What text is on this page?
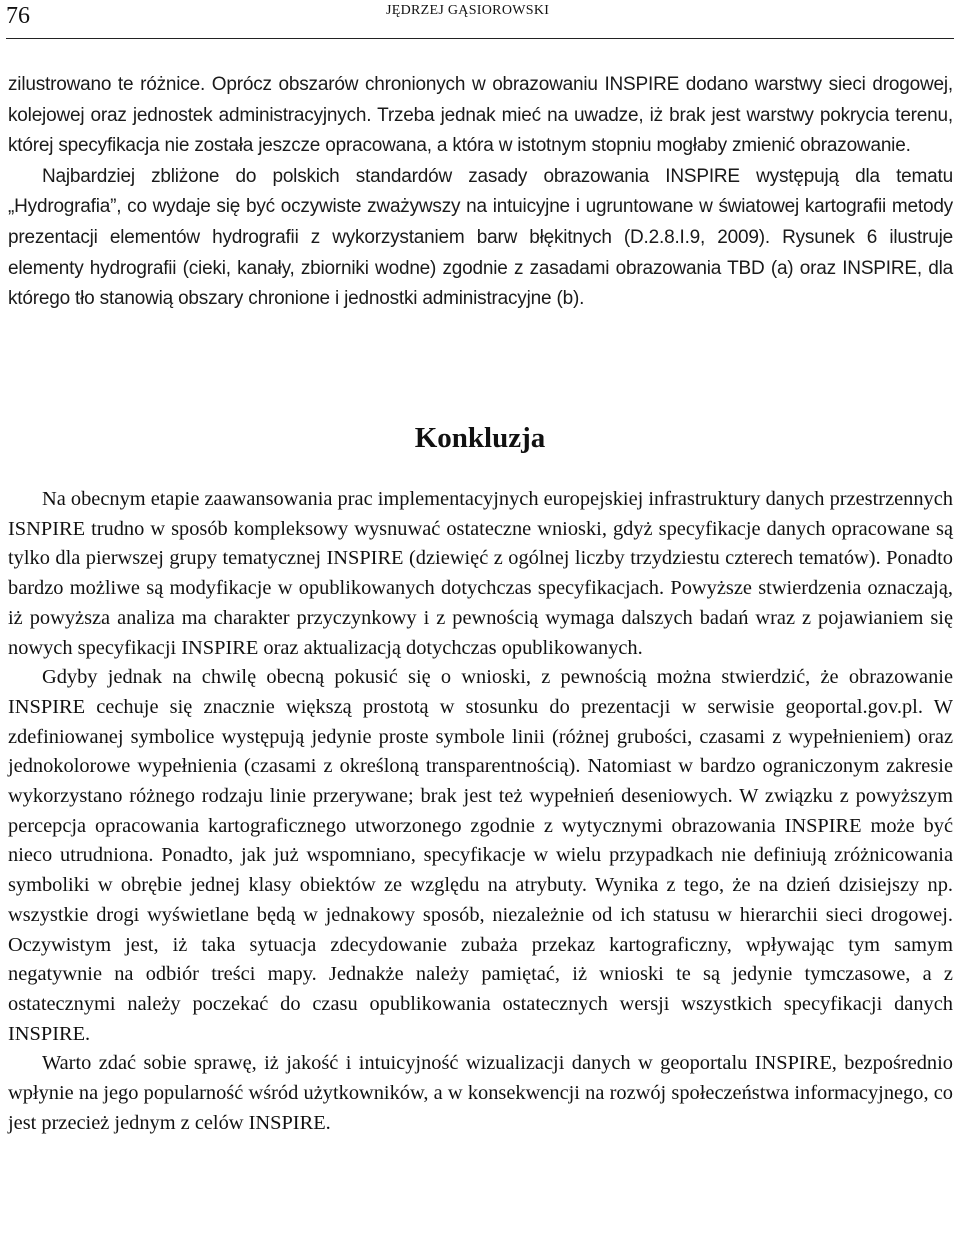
76	JĘDRZEJ GĄSIOROWSKI

zilustrowano te różnice. Oprócz obszarów chronionych w obrazowaniu INSPIRE dodano warstwy sieci drogowej, kolejowej oraz jednostek administracyjnych. Trzeba jednak mieć na uwadze, iż brak jest warstwy pokrycia terenu, której specyfikacja nie została jeszcze opracowana, a która w istotnym stopniu mogłaby zmienić obrazowanie.

Najbardziej zbliżone do polskich standardów zasady obrazowania INSPIRE występują dla tematu „Hydrografia”, co wydaje się być oczywiste zważywszy na intuicyjne i ugruntowane w światowej kartografii metody prezentacji elementów hydrografii z wykorzystaniem barw błękitnych (D.2.8.I.9, 2009). Rysunek 6 ilustruje elementy hydrografii (cieki, kanały, zbiorniki wodne) zgodnie z zasadami obrazowania TBD (a) oraz INSPIRE, dla którego tło stanowią obszary chronione i jednostki administracyjne (b).

Konkluzja

Na obecnym etapie zaawansowania prac implementacyjnych europejskiej infrastruktury danych przestrzennych ISNPIRE trudno w sposób kompleksowy wysnuwać ostateczne wnioski, gdyż specyfikacje danych opracowane są tylko dla pierwszej grupy tematycznej INSPIRE (dziewięć z ogólnej liczby trzydziestu czterech tematów). Ponadto bardzo możliwe są modyfikacje w opublikowanych dotychczas specyfikacjach. Powyższe stwierdzenia oznaczają, iż powyższa analiza ma charakter przyczynkowy i z pewnością wymaga dalszych badań wraz z pojawianiem się nowych specyfikacji INSPIRE oraz aktualizacją dotychczas opublikowanych.

Gdyby jednak na chwilę obecną pokusić się o wnioski, z pewnością można stwierdzić, że obrazowanie INSPIRE cechuje się znacznie większą prostotą w stosunku do prezentacji w serwisie geoportal.gov.pl. W zdefiniowanej symbolice występują jedynie proste symbole linii (różnej grubości, czasami z wypełnieniem) oraz jednokolorowe wypełnienia (czasami z określoną transparentnością). Natomiast w bardzo ograniczonym zakresie wykorzystano różnego rodzaju linie przerywane; brak jest też wypełnień deseniowych. W związku z powyższym percepcja opracowania kartograficznego utworzonego zgodnie z wytycznymi obrazowania INSPIRE może być nieco utrudniona. Ponadto, jak już wspomniano, specyfikacje w wielu przypadkach nie definiują zróżnicowania symboliki w obrębie jednej klasy obiektów ze względu na atrybuty. Wynika z tego, że na dzień dzisiejszy np. wszystkie drogi wyświetlane będą w jednakowy sposób, niezależnie od ich statusu w hierarchii sieci drogowej. Oczywistym jest, iż taka sytuacja zdecydowanie zubaża przekaz kartograficzny, wpływając tym samym negatywnie na odbiór treści mapy. Jednakże należy pamiętać, iż wnioski te są jedynie tymczasowe, a z ostatecznymi należy poczekać do czasu opublikowania ostatecznych wersji wszystkich specyfikacji danych INSPIRE.

Warto zdać sobie sprawę, iż jakość i intuicyjność wizualizacji danych w geoportalu INSPIRE, bezpośrednio wpłynie na jego popularność wśród użytkowników, a w konsekwencji na rozwój społeczeństwa informacyjnego, co jest przecież jednym z celów INSPIRE.
